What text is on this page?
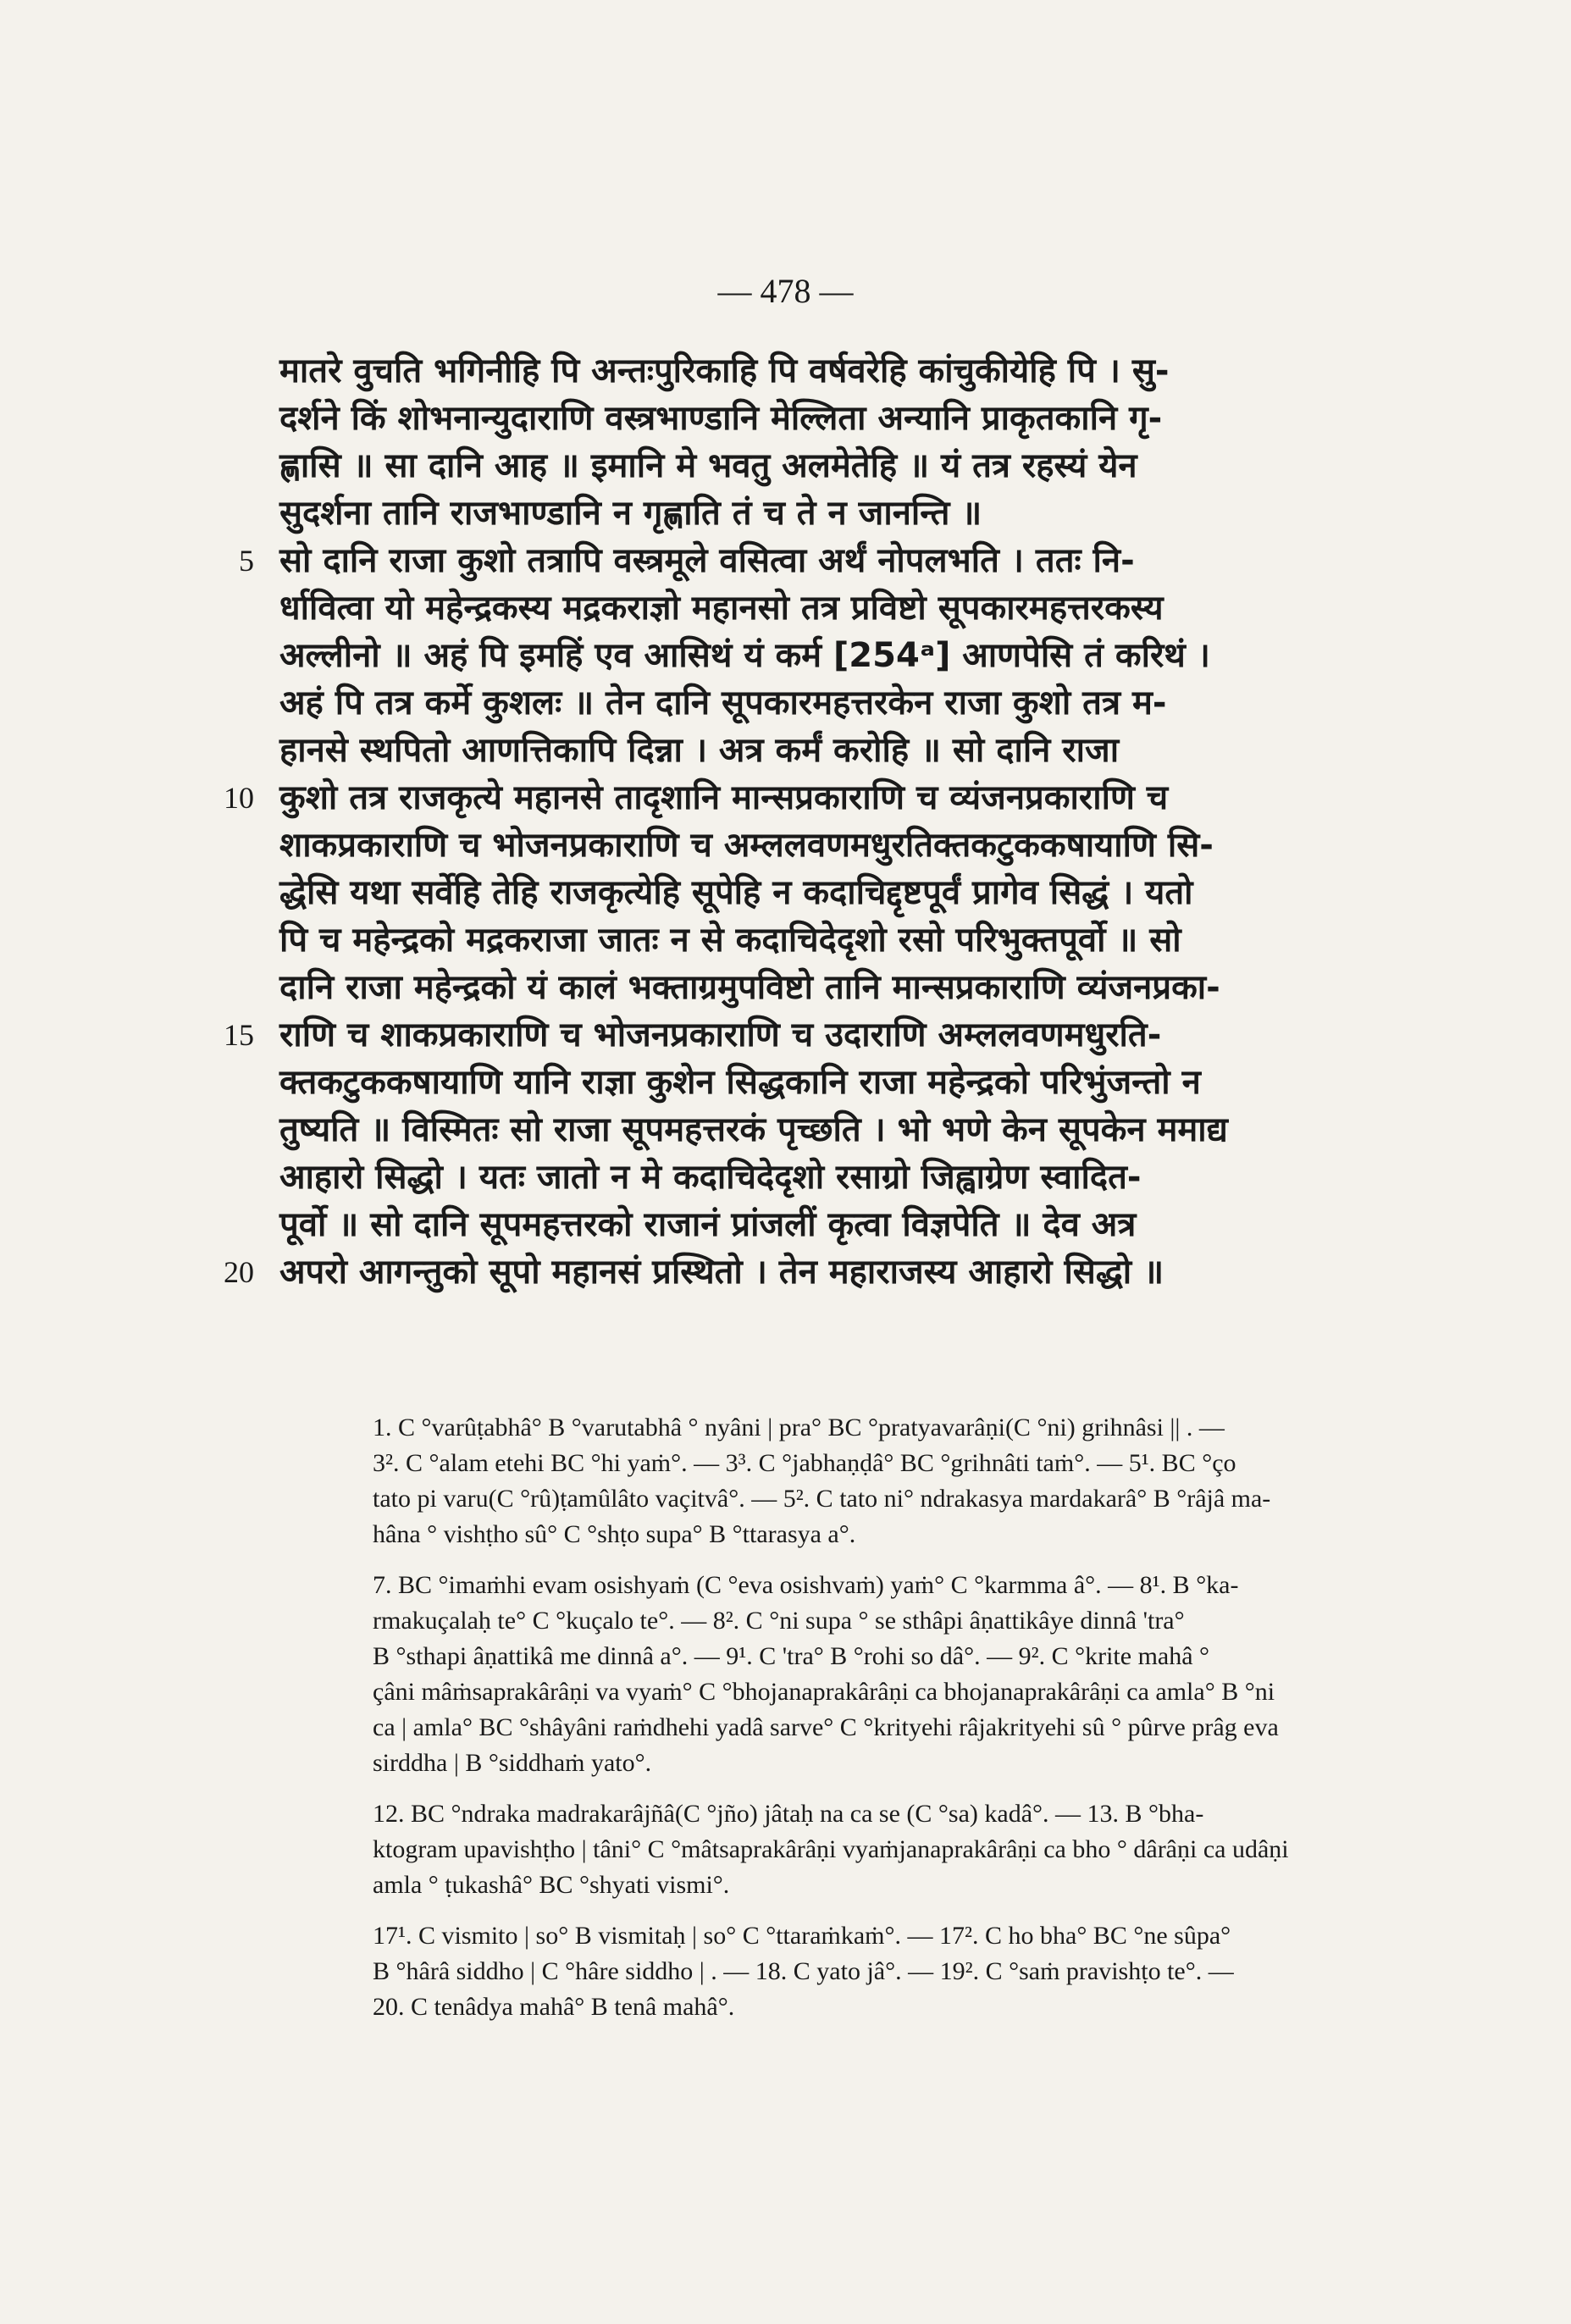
— 478 —
मातरे वुचति भगिनीहि पि अन्तःपुरिकाहि पि वर्षवरेहि कांचुकीयेहि पि । सु-
दर्शने किं शोभनान्युदाराणि वस्त्रभाण्डानि मेल्लिता अन्यानि प्राकृतकानि गृ-
ह्णासि ॥ सा दानि आह ॥ इमानि मे भवतु अलमेतेहि ॥ यं तत्र रहस्यं येन
सुदर्शना तानि राजभाण्डानि न गृह्णाति तं च ते न जानन्ति ॥
5 सो दानि राजा कुशो तत्रापि वस्त्रमूले वसित्वा अर्थं नोपलभति । ततः नि-
र्धावित्वा यो महेन्द्रकस्य मद्रकराज्ञो महानसो तत्र प्रविष्टो सूपकारमहत्तरकस्य
अल्लीनो ॥ अहं पि इमहिं एव आसिथं यं कर्म [254ᵃ] आणपेसि तं करिथं ।
अहं पि तत्र कर्मे कुशलः ॥ तेन दानि सूपकारमहत्तरकेन राजा कुशो तत्र म-
हानसे स्थपितो आणत्तिकापि दिन्ना । अत्र कर्मं करोहि ॥ सो दानि राजा
10 कुशो तत्र राजकृत्ये महानसे तादृशानि मान्सप्रकाराणि च व्यंजनप्रकाराणि च
शाकप्रकाराणि च भोजनप्रकाराणि च अम्ललवणमधुरतिक्तकटुककषायाणि सि-
द्धेसि यथा सर्वेहि तेहि राजकृत्येहि सूपेहि न कदाचिद्दृष्टपूर्वं प्रागेव सिद्धं । यतो
पि च महेन्द्रको मद्रकराजा जातः न से कदाचिदेदृशो रसो परिभुक्तपूर्वो ॥ सो
दानि राजा महेन्द्रको यं कालं भक्ताग्रमुपविष्टो तानि मान्सप्रकाराणि व्यंजनप्रका-
15 राणि च शाकप्रकाराणि च भोजनप्रकाराणि च उदाराणि अम्ललवणमधुरति-
क्तकटुककषायाणि यानि राज्ञा कुशेन सिद्धकानि राजा महेन्द्रको परिभुंजन्तो न
तुष्यति ॥ विस्मितः सो राजा सूपमहत्तरकं पृच्छति । भो भणे केन सूपकेन ममाद्य
आहारो सिद्धो । यतः जातो न मे कदाचिदेदृशो रसाग्रो जिह्वाग्रेण स्वादित-
पूर्वो ॥ सो दानि सूपमहत्तरको राजानं प्रांजलीं कृत्वा विज्ञपेति ॥ देव अत्र
20 अपरो आगन्तुको सूपो महानसं प्रस्थितो । तेन महाराजस्य आहारो सिद्धो ॥
1. C °varûṭabhâ° B °varutabhâ ° nyâni | pra° BC °pratyavarâṇi(C °ni) grihnâsi || . —
3². C °alam etehi BC °hi yaṁ°. — 3³. C °jabhaṇḍâ° BC °grihnâti taṁ°. — 5¹. BC °ço
tato pi varu(C °rû)ṭamûlâto vaçitvâ°. — 5². C tato ni° ndrakasya mardakarâ° B °râjâ ma-
hâna ° vishṭho sû° C °shṭo supa° B °ttarasya a°.
7. BC °imaṁhi evam osishyaṁ (C °eva osishvaṁ) yaṁ° C °karmma â°. — 8¹. B °ka-
rmakuçalaḥ te° C °kuçalo te°. — 8². C °ni supa ° se sthâpi âṇattikâye dinnâ 'tra°
B °sthapi âṇattikâ me dinnâ a°. — 9¹. C 'tra° B °rohi so dâ°. — 9². C °krite mahâ °
çâni mâṁsaprakârâṇi va vyaṁ° C °bhojanaprakârâṇi ca bhojanaprakârâṇi ca amla° B °ni
ca | amla° BC °shâyâni raṁdhehi yadâ sarve° C °krityehi râjakrityehi sû ° pûrve prâg eva
sirddha | B °siddhaṁ yato°.
12. BC °ndraka madrakarâjñâ(C °jño) jâtaḥ na ca se (C °sa) kadâ°. — 13. B °bha-
ktogram upavishṭho | tâni° C °mâtsaprakârâṇi vyaṁjanaprakârâṇi ca bho ° dârâṇi ca udâṇi
amla ° ṭukashâ° BC °shyati vismi°.
17¹. C vismito | so° B vismitaḥ | so° C °ttaraṁkaṁ°. — 17². C ho bha° BC °ne sûpa°
B °hârâ siddho | C °hâre siddho | . — 18. C yato jâ°. — 19². C °saṁ pravishṭo te°. —
20. C tenâdya mahâ° B tenâ mahâ°.
